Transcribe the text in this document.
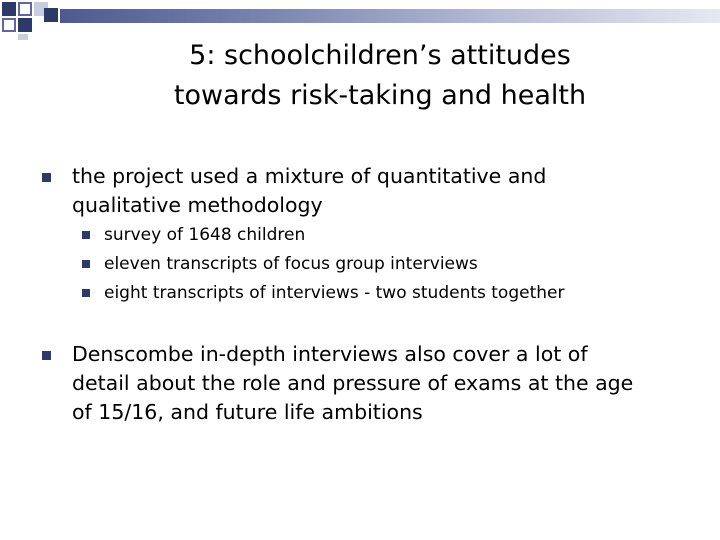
5: schoolchildren’s attitudes
towards risk-taking and health
the project used a mixture of quantitative and
qualitative methodology
survey of 1648 children
eleven transcripts of focus group interviews
eight transcripts of interviews - two students together
Denscombe in-depth interviews also cover a lot of
detail about the role and pressure of exams at the age
of 15/16, and future life ambitions
